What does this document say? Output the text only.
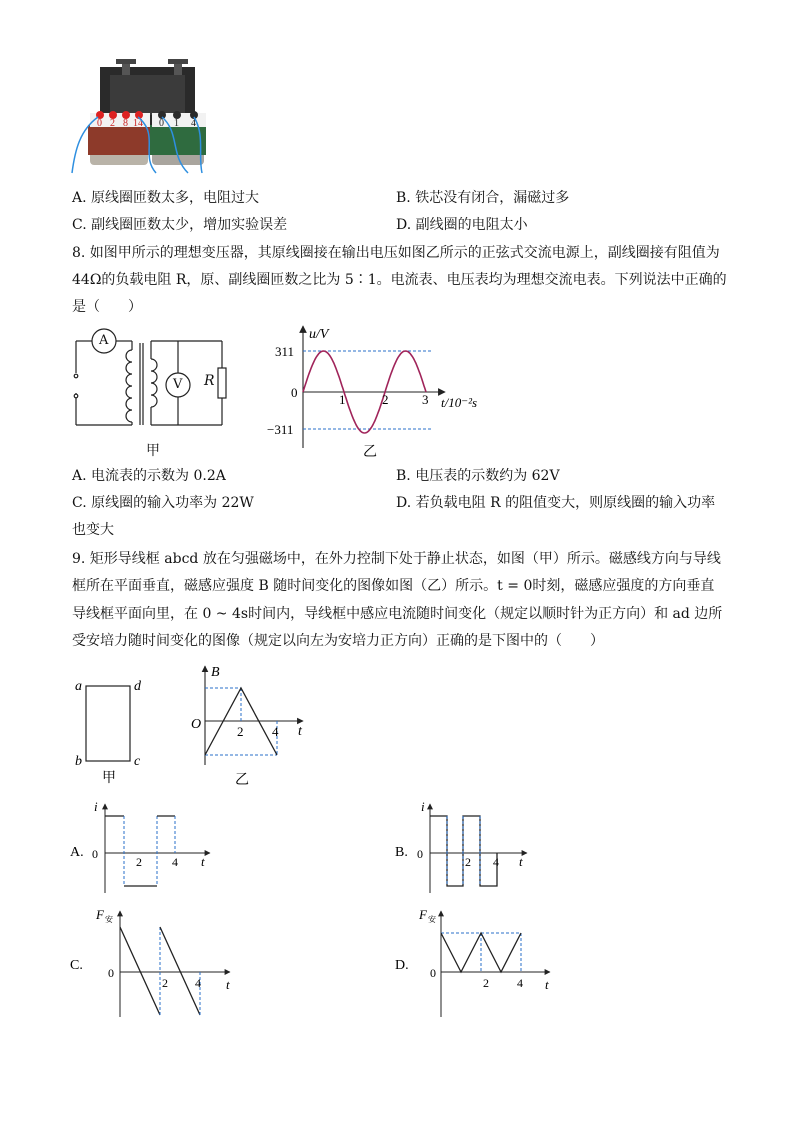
0 2 8 14 0 1 4
A. 原线圈匝数太多，电阻过大	B. 铁芯没有闭合，漏磁过多
C. 副线圈匝数太少，增加实验误差	D. 副线圈的电阻太小
8. 如图甲所示的理想变压器，其原线圈接在输出电压如图乙所示的正弦式交流电源上，副线圈接有阻值为
44Ω的负载电阻 R，原、副线圈匝数之比为 5∶1。电流表、电压表均为理想交流电表。下列说法中正确的
是（　　）
A
V R
甲
u/V
311
0
−311
1	2	3 t/10⁻²s
乙
A. 电流表的示数为 0.2A	B. 电压表的示数约为 62V
C. 原线圈的输入功率为 22W	D. 若负载电阻 R 的阻值变大，则原线圈的输入功率
也变大
9. 矩形导线框 abcd 放在匀强磁场中，在外力控制下处于静止状态，如图（甲）所示。磁感线方向与导线
框所在平面垂直，磁感应强度 B 随时间变化的图像如图（乙）所示。t = 0时刻，磁感应强度的方向垂直
导线框平面向里，在 0 ~ 4s时间内，导线框中感应电流随时间变化（规定以顺时针为正方向）和 ad 边所
受安培力随时间变化的图像（规定以向左为安培力正方向）正确的是下图中的（　　）
a	d
b	c
甲
B
O	2 4 t
乙
A.
i
0
2	4 t
B.
i
0
2 4 t
C.
F 安
0
2 4 t
D.
F 安
0
2 4 t
